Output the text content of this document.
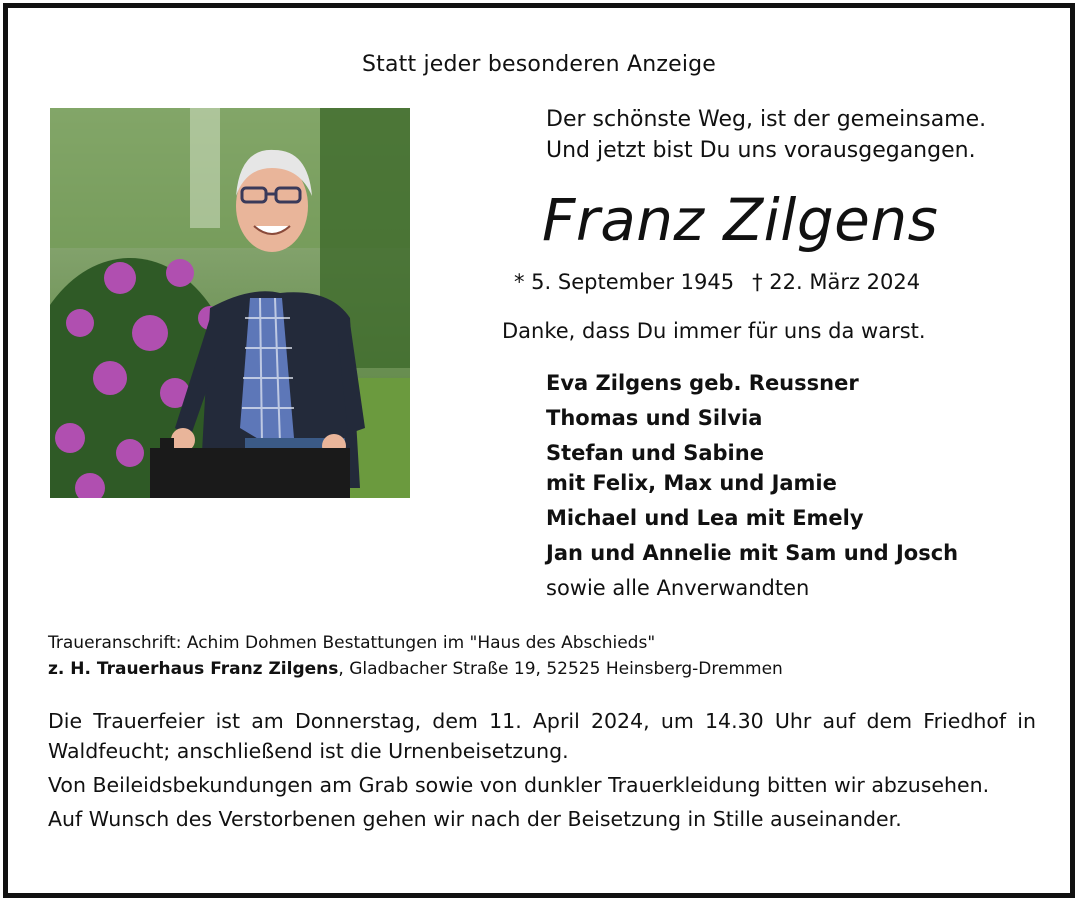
Statt jeder besonderen Anzeige
Der schönste Weg, ist der gemeinsame.
Und jetzt bist Du uns vorausgegangen.
Franz Zilgens
* 5. September 1945 † 22. März 2024
Danke, dass Du immer für uns da warst.
Eva Zilgens geb. Reussner
Thomas und Silvia
Stefan und Sabine
mit Felix, Max und Jamie
Michael und Lea mit Emely
Jan und Annelie mit Sam und Josch
sowie alle Anverwandten
Traueranschrift: Achim Dohmen Bestattungen im "Haus des Abschieds"
z. H. Trauerhaus Franz Zilgens, Gladbacher Straße 19, 52525 Heinsberg-Dremmen

Die Trauerfeier ist am Donnerstag, dem 11. April 2024, um 14.30 Uhr auf dem Friedhof in Waldfeucht; anschließend ist die Urnenbeisetzung.

Von Beileidsbekundungen am Grab sowie von dunkler Trauerkleidung bitten wir abzusehen.

Auf Wunsch des Verstorbenen gehen wir nach der Beisetzung in Stille auseinander.
